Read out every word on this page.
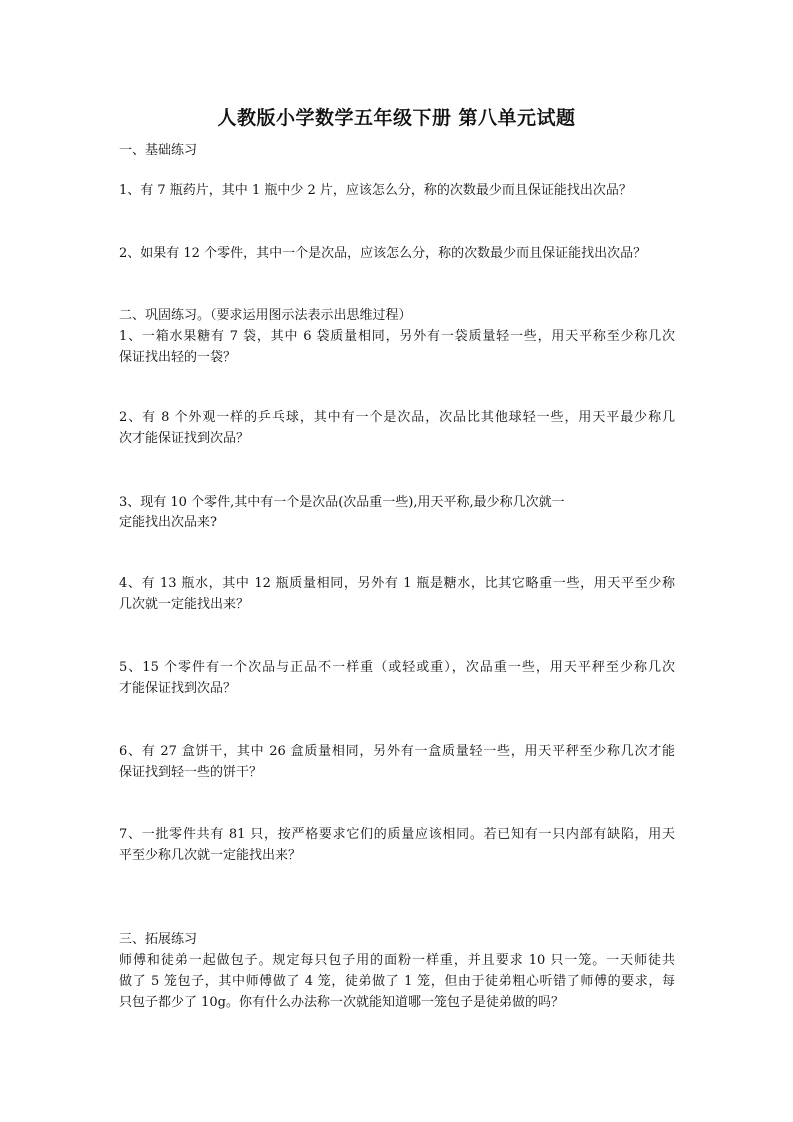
人教版小学数学五年级下册 第八单元试题
一、基础练习
1、有 7 瓶药片，其中 1 瓶中少 2 片，应该怎么分，称的次数最少而且保证能找出次品？
2、如果有 12 个零件，其中一个是次品，应该怎么分，称的次数最少而且保证能找出次品？
二、巩固练习。（要求运用图示法表示出思维过程）
1、一箱水果糖有 7 袋，其中 6 袋质量相同，另外有一袋质量轻一些，用天平称至少称几次
保证找出轻的一袋？
2、有 8 个外观一样的乒乓球，其中有一个是次品，次品比其他球轻一些，用天平最少称几
次才能保证找到次品？
3、现有 10 个零件,其中有一个是次品(次品重一些),用天平称,最少称几次就一
定能找出次品来?
4、有 13 瓶水，其中 12 瓶质量相同，另外有 1 瓶是糖水，比其它略重一些，用天平至少称
几次就一定能找出来？
5、15 个零件有一个次品与正品不一样重（或轻或重），次品重一些，用天平秤至少称几次
才能保证找到次品？
6、有 27 盒饼干，其中 26 盒质量相同，另外有一盒质量轻一些，用天平秤至少称几次才能
保证找到轻一些的饼干？
7、一批零件共有 81 只，按严格要求它们的质量应该相同。若已知有一只内部有缺陷，用天
平至少称几次就一定能找出来？
三、拓展练习
师傅和徒弟一起做包子。规定每只包子用的面粉一样重，并且要求 10 只一笼。一天师徒共
做了 5 笼包子，其中师傅做了 4 笼，徒弟做了 1 笼，但由于徒弟粗心听错了师傅的要求，每
只包子都少了 10g。你有什么办法称一次就能知道哪一笼包子是徒弟做的吗？
